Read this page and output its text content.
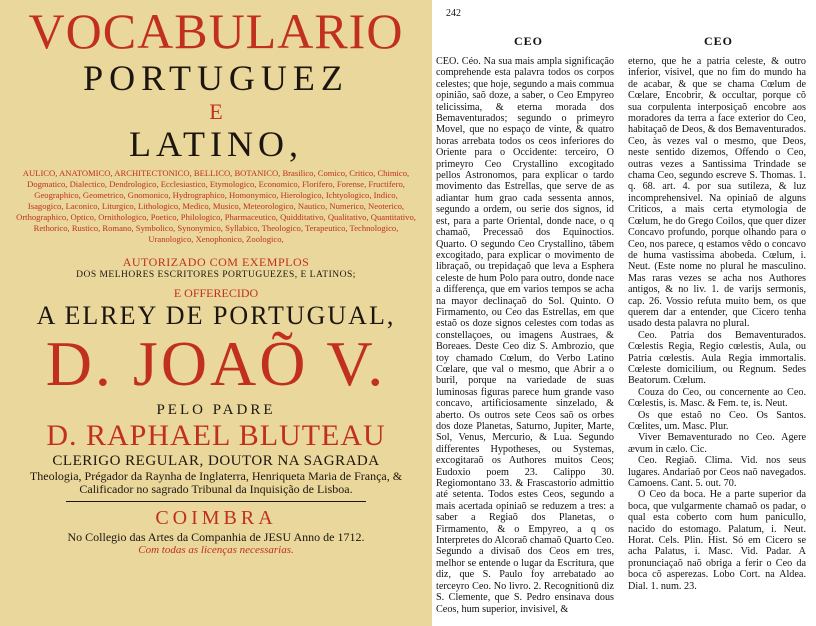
VOCABULARIO
PORTUGUEZ
E
LATINO,
AULICO, ANATOMICO, ARCHITECTONICO, BELLICO, BOTANICO, Brasilico, Comico, Critico, Chimico, Dogmatico, Dialectico, Dendrologico, Ecclesiastico, Etymologico, Economico, Florifero, Forense, Fructifero, Geographico, Geometrico, Gnomonico, Hydrographico, Homonymico, Hierologico, Ichtyologico, Indico, Isagogico, Laconico, Liturgico, Lithologico, Medico, Musico, Meteorologico, Nautico, Numerico, Neoterico, Orthographico, Optico, Ornithologico, Poetico, Philologico, Pharmaceutico, Quidditativo, Qualitativo, Quantitativo, Rethorico, Rustico, Romano, Symbolico, Synonymico, Syllabico, Theologico, Terapeutico, Technologico, Uranologico, Xenophonico, Zoologico,
AUTORIZADO COM EXEMPLOS
DOS MELHORES ESCRITORES PORTUGUEZES, E LATINOS;
E OFFERECIDO
A ELREY DE PORTUGUAL,
D. JOAÕ V.
PELO PADRE
D. RAPHAEL BLUTEAU
CLERIGO REGULAR, DOUTOR NA SAGRADA
Theologia, Prégador da Raynha de Inglaterra, Henriqueta Maria de França, & Calificador no sagrado Tribunal da Inquisição de Lisboa.
COIMBRA
No Collegio das Artes da Companhia de JESU Anno de 1712.
Com todas as licenças necessarias.
242
CEO	CEO

CEO. Céo. Na sua mais ampla significação comprehende esta palavra todos os corpos celestes; que hoje, segundo a mais commua opinião, saõ doze, a saber, o Ceo Empyreo telicissima, & eterna morada dos Bemaventurados; segundo o primeyro Movel, que no espaço de vinte, & quatro horas arrebata todos os ceos inferiores do Oriente para o Occidente: terceiro, O primeyro Ceo Crystallino excogitado pellos Astronomos, para explicar o tardo movimento das Estrellas, que serve de as adiantar hum grao cada sessenta annos, segundo a ordem, ou serie dos signos, id est, para a parte Oriental, donde nace, o q chamaõ, Precessaõ dos Equinoctios. Quarto. O segundo Ceo Crystallino, tãbem excogitado, para explicar o movimento de libraçaõ, ou trepidaçaõ que leva a Esphera celeste de hum Polo para outro, donde nace a differença, que em varios tempos se acha na mayor declinaçaõ do Sol. Quinto. O Firmamento, ou Ceo das Estrellas, em que estaõ os doze signos celestes com todas as constellaçoes, ou imagens Austraes, & Boreaes. Deste Ceo diz S. Ambrozio, que toy chamado Cœlum, do Verbo Latino Cœlare, que val o mesmo, que Abrir a o buril, porque na variedade de suas luminosas figuras parece hum grande vaso concavo, artificiosamente sinzelado, & aberto. Os outros sete Ceos saõ os orbes dos doze Planetas, Saturno, Jupiter, Marte, Sol, Venus, Mercurio, & Lua. Segundo differentes Hypotheses, ou Systemas, excogitaraõ os Authores muitos Ceos; Eudoxio poem 23. Calippo 30. Regiomontano 33. & Frascastorio admittio até setenta. Todos estes Ceos, segundo a mais acertada opiniaõ se reduzem a tres: a saber a Regiaõ dos Planetas, o Firmamento, & o Empyreo, a q os Interpretes do Alcoraõ chamaõ Quarto Ceo. Segundo a divisaõ dos Ceos em tres, melhor se entende o lugar da Escritura, que diz, que S. Paulo foy arrebatado ao terceyro Ceo. No livro. 2. Recognitionû diz S. Clemente, que S. Pedro ensinava dous Ceos, hum superior, invisivel, &

eterno, que he a patria celeste, & outro inferior, visivel, que no fim do mundo ha de acabar, & que se chama Cœlum de Cœlare, Encobrir, & occultar, porque cõ sua corpulenta interposiçaõ encobre aos moradores da terra a face exterior do Ceo, habitaçaõ de Deos, & dos Bemaventurados. Ceo, às vezes val o mesmo, que Deos, neste sentido dizemos, Offendo o Ceo, outras vezes a Santissima Trindade se chama Ceo, segundo escreve S. Thomas. 1. q. 68. art. 4. por sua sutileza, & luz incomprehensivel. Na opiniaõ de alguns Criticos, a mais certa etymologia de Cœlum, he do Grego Coilos, que quer dizer Concavo profundo, porque olhando para o Ceo, nos parece, q estamos vêdo o concavo de huma vastissima abobeda. Cœlum, i. Neut. (Este nome no plural he masculino. Mas raras vezes se acha nos Authores antigos, & no liv. 1. de varijs sermonis, cap. 26. Vossio refuta muito bem, os que querem dar a entender, que Cicero tenha usado desta palavra no plural.

Ceo. Patria dos Bemaventurados. Cœlestis Regia, Regio cœlestis, Aula, ou Patria cœlestis. Aula Regia immortalis. Cœleste domicilium, ou Regnum. Sedes Beatorum. Cœlum.

Couza do Ceo, ou concernente ao Ceo. Cœlestis, is. Masc. & Fem. te, is. Neut.

Os que estaõ no Ceo. Os Santos. Cœlites, um. Masc. Plur.

Viver Bemaventurado no Ceo. Agere ævum in cælo. Cic.

Ceo. Regiaõ. Clima. Vid. nos seus lugares. Andariaõ por Ceos naõ navegados. Camoens. Cant. 5. out. 70.

O Ceo da boca. He a parte superior da boca, que vulgarmente chamaõ os padar, o qual esta coberto com hum panicullo, nacido do estomago. Palatum, i. Neut. Horat. Cels. Plin. Hist. Só em Cicero se acha Palatus, i. Masc. Vid. Padar. A pronunciaçaõ naõ obriga a ferir o Ceo da boca cõ asperezas. Lobo Cort. na Aldea. Dial. 1. num. 23.
